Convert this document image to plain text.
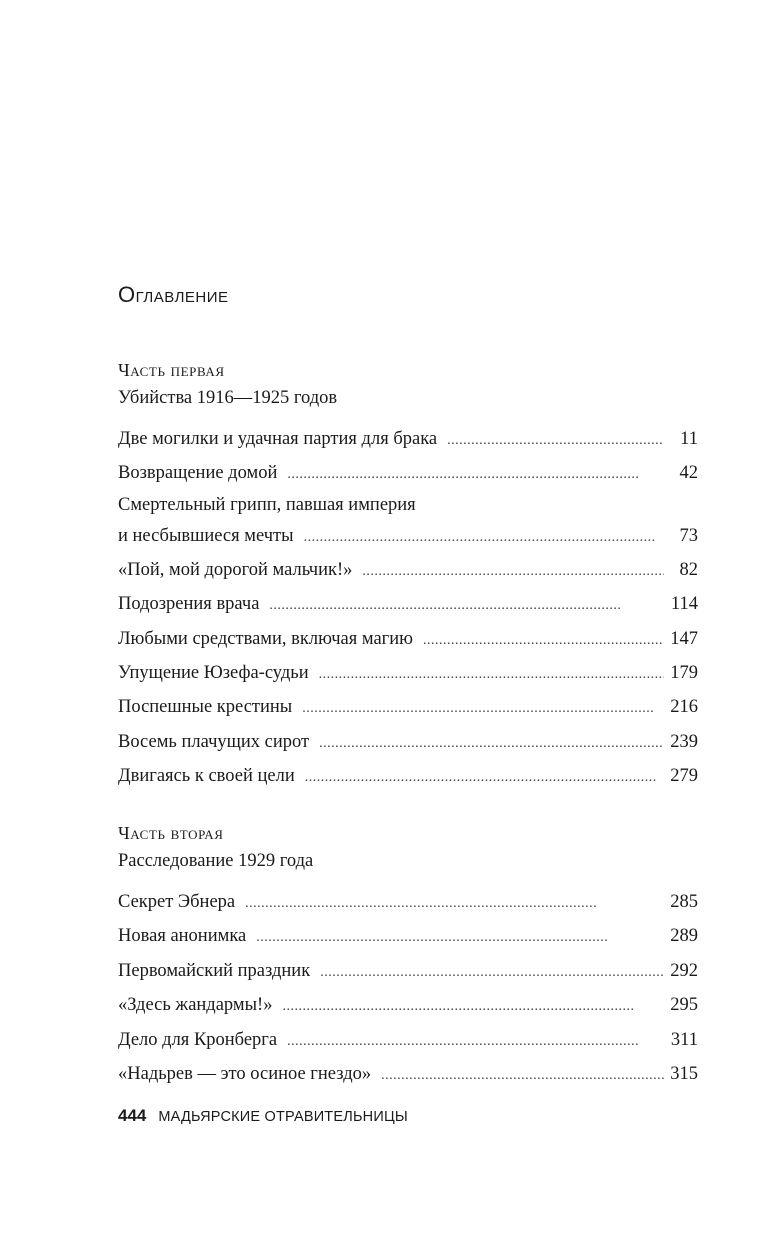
Оглавление
Часть первая
Убийства 1916—1925 годов
Две могилки и удачная партия для брака . . .	11
Возвращение домой . . .	42
Смертельный грипп, павшая империя
и несбывшиеся мечты . . .	73
«Пой, мой дорогой мальчик!» . . .	82
Подозрения врача . . .	114
Любыми средствами, включая магию . . .	147
Упущение Юзефа-судьи . . .	179
Поспешные крестины . . .	216
Восемь плачущих сирот . . .	239
Двигаясь к своей цели . . .	279
Часть вторая
Расследование 1929 года
Секрет Эбнера . . .	285
Новая анонимка . . .	289
Первомайский праздник . . .	292
«Здесь жандармы!» . . .	295
Дело для Кронберга . . .	311
«Надьрев — это осиное гнездо» . . .	315
444 МАДЬЯРСКИЕ ОТРАВИТЕЛЬНИЦЫ
